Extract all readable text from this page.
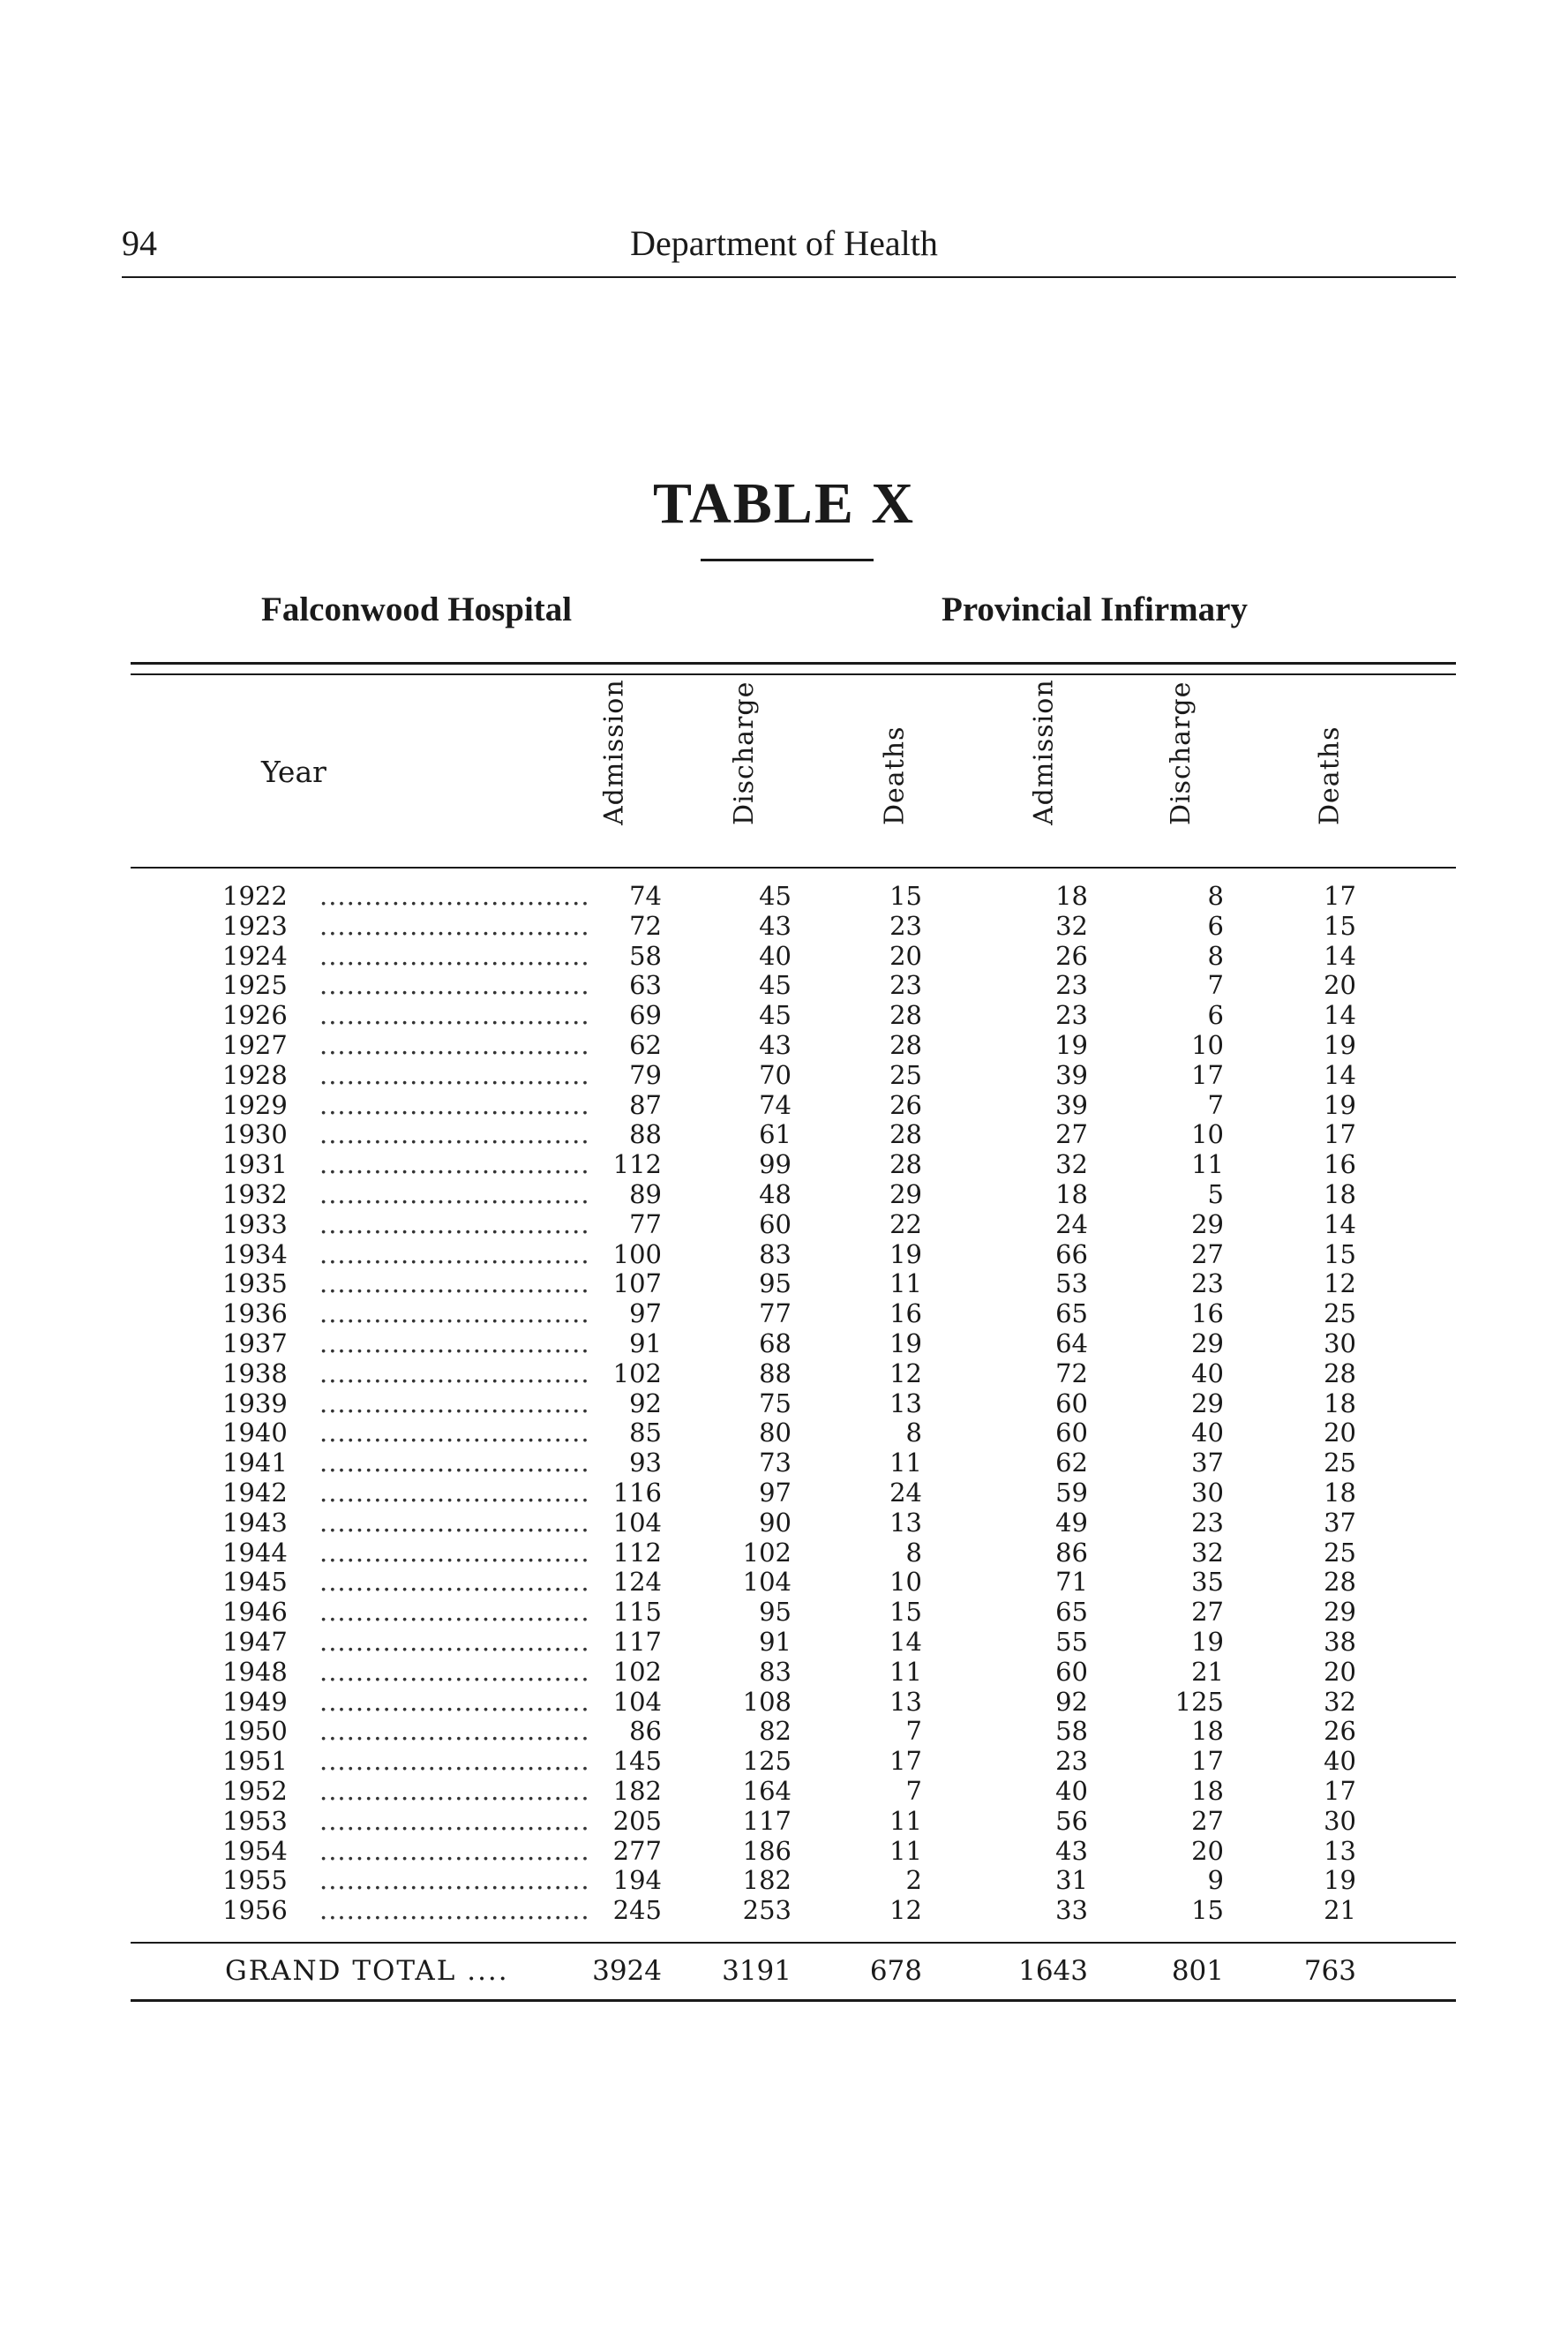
94	Department of Health
TABLE X
Falconwood Hospital	Provincial Infirmary
Year	Admission	Discharge	Deaths	Admission	Discharge	Deaths
1922 ..............................	74	45	15	18	8	17
1923 ..............................	72	43	23	32	6	15
1924 ..............................	58	40	20	26	8	14
1925 ..............................	63	45	23	23	7	20
1926 ..............................	69	45	28	23	6	14
1927 ..............................	62	43	28	19	10	19
1928 ..............................	79	70	25	39	17	14
1929 ..............................	87	74	26	39	7	19
1930 ..............................	88	61	28	27	10	17
1931 .............................. 112	99	28	32	11	16
1932 ..............................	89	48	29	18	5	18
1933 ..............................	77	60	22	24	29	14
1934 .............................. 100	83	19	66	27	15
1935 .............................. 107	95	11	53	23	12
1936 ..............................	97	77	16	65	16	25
1937 ..............................	91	68	19	64	29	30
1938 .............................. 102	88	12	72	40	28
1939 ..............................	92	75	13	60	29	18
1940 ..............................	85	80	8	60	40	20
1941 ..............................	93	73	11	62	37	25
1942 .............................. 116	97	24	59	30	18
1943 .............................. 104	90	13	49	23	37
1944 .............................. 112	102	8	86	32	25
1945 .............................. 124	104	10	71	35	28
1946 .............................. 115	95	15	65	27	29
1947 .............................. 117	91	14	55	19	38
1948 .............................. 102	83	11	60	21	20
1949 .............................. 104	108	13	92	125	32
1950 ..............................	86	82	7	58	18	26
1951 .............................. 145	125	17	23	17	40
1952 .............................. 182	164	7	40	18	17
1953 .............................. 205	117	11	56	27	30
1954 .............................. 277	186	11	43	20	13
1955 .............................. 194	182	2	31	9	19
1956 .............................. 245	253	12	33	15	21
GRAND TOTAL ....	3924	3191	678	1643	801	763
